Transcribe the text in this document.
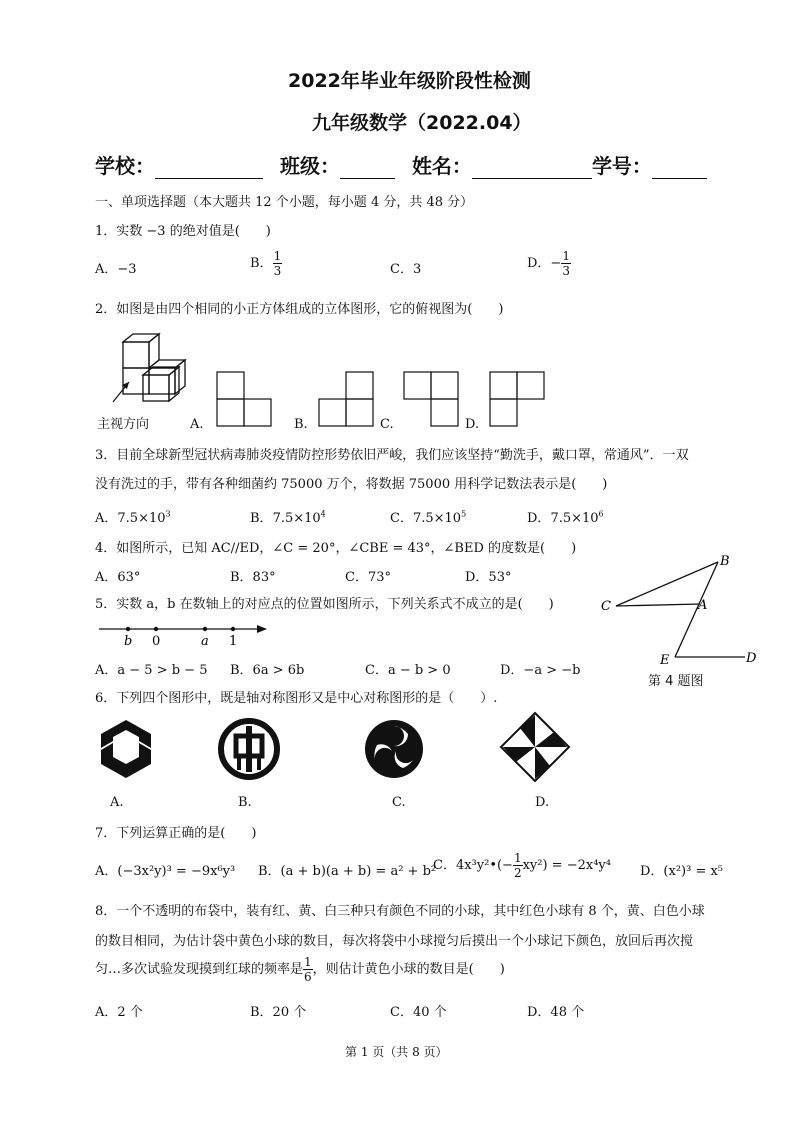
2022年毕业年级阶段性检测
九年级数学（2022.04）
学校：	班级：	姓名：	学号：
一、单项选择题（本大题共 12 个小题，每小题 4 分，共 48 分）
1．实数 −3 的绝对值是(　　)
A．−3	B． $\frac{1}{3}$	C．3	D．− $\frac{1}{3}$
2．如图是由四个相同的小正方体组成的立体图形，它的俯视图为(　　)
主视方向	A.	B.	C.	D.
3．目前全球新型冠状病毒肺炎疫情防控形势依旧严峻，我们应该坚持“勤洗手，戴口罩，常通风”．一双
没有洗过的手，带有各种细菌约 75000 万个，将数据 75000 用科学记数法表示是(　　)
A．$7.5\times 10^3$	B．$7.5\times 10^4$	C．$7.5\times 10^5$	D．$7.5\times 10^6$
4．如图所示，已知 AC//ED，∠C = 20°，∠CBE = 43°，∠BED 的度数是(　　)
A．63°	B．83°	C．73°	D．53°
B
C	A
E	D
第 4 题图
5．实数 a，b 在数轴上的对应点的位置如图所示，下列关系式不成立的是(　　)
b 0	a 1
A．a − 5 > b − 5 B．6a > 6b	C．a − b > 0	D．−a > −b
6．下列四个图形中，既是轴对称图形又是中心对称图形的是（　　）.
A.	B.	C.	D.
7．下列运算正确的是(　　)
A．(−3x²y)³ = −9x⁶y³ B．(a + b)(a + b) = a² + b²
C．4x³y²•(− $\frac{1}{2} xy^2) = -2x^4y^4$ D．(x²)³ = x⁵
8．一个不透明的布袋中，装有红、黄、白三种只有颜色不同的小球，其中红色小球有 8 个，黄、白色小球
的数目相同，为估计袋中黄色小球的数目，每次将袋中小球搅匀后摸出一个小球记下颜色，放回后再次搅
匀…多次试验发现摸到红球的频率是 $\frac{1}{6}$ ，则估计黄色小球的数目是(　　)
A．2 个	B．20 个	C．40 个	D．48 个
第 1 页（共 8 页）
